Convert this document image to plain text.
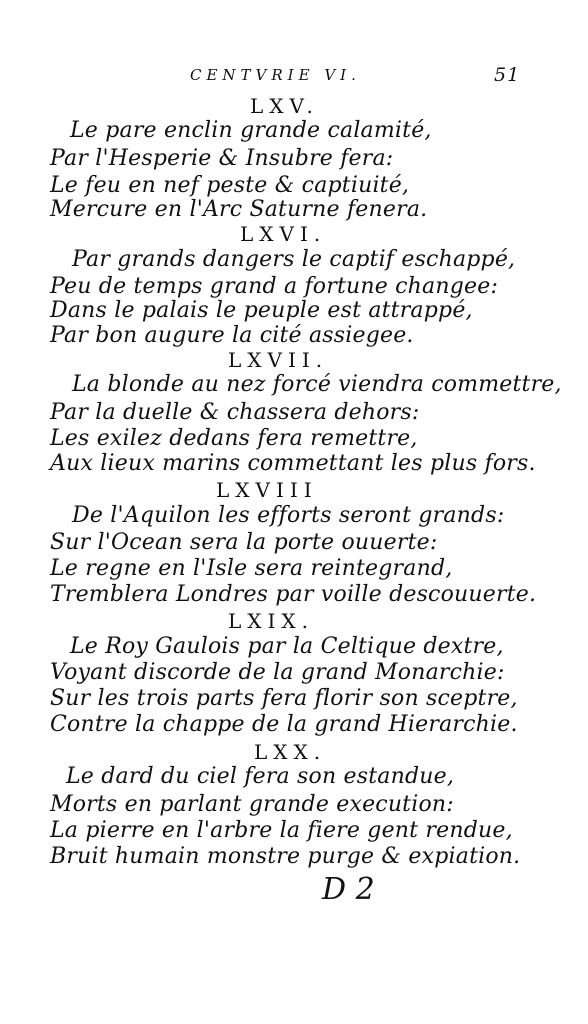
CENTVRIE VI.	51
LXV.
Le pare enclin grande calamité,
Par l'Hesperie & Insubre fera:
Le feu en nef peste & captiuité,
Mercure en l'Arc Saturne fenera.
LXVI.
Par grands dangers le captif eschappé,
Peu de temps grand a fortune changee:
Dans le palais le peuple est attrappé,
Par bon augure la cité assiegee.
LXVII.
La blonde au nez forcé viendra commettre,
Par la duelle & chassera dehors:
Les exilez dedans fera remettre,
Aux lieux marins commettant les plus fors.
LXVIII
De l'Aquilon les efforts seront grands:
Sur l'Ocean sera la porte ouuerte:
Le regne en l'Isle sera reintegrand,
Tremblera Londres par voille descouuerte.
LXIX.
Le Roy Gaulois par la Celtique dextre,
Voyant discorde de la grand Monarchie:
Sur les trois parts fera florir son sceptre,
Contre la chappe de la grand Hierarchie.
LXX.
Le dard du ciel fera son estandue,
Morts en parlant grande execution:
La pierre en l'arbre la fiere gent rendue,
Bruit humain monstre purge & expiation.
D 2
